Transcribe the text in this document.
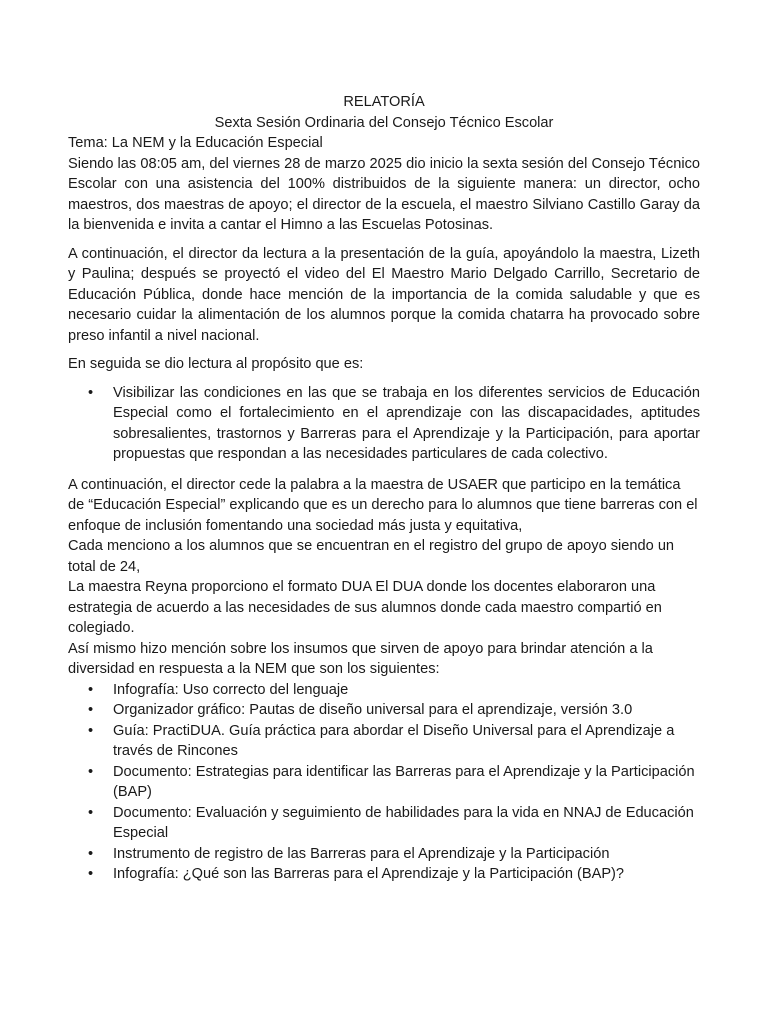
RELATORÍA

Sexta Sesión Ordinaria del Consejo Técnico Escolar

Tema: La NEM y la Educación Especial

Siendo las 08:05 am, del viernes 28 de marzo 2025 dio inicio la sexta sesión del Consejo Técnico Escolar con una asistencia del 100% distribuidos de la siguiente manera: un director, ocho maestros, dos maestras de apoyo; el director de la escuela, el maestro Silviano Castillo Garay da la bienvenida e invita a cantar el Himno a las Escuelas Potosinas.

A continuación, el director da lectura a la presentación de la guía, apoyándolo la maestra, Lizeth y Paulina; después se proyectó el video del El Maestro Mario Delgado Carrillo, Secretario de Educación Pública, donde hace mención de la importancia de la comida saludable y que es necesario cuidar la alimentación de los alumnos porque la comida chatarra ha provocado sobre preso infantil a nivel nacional.

En seguida se dio lectura al propósito que es:

• Visibilizar las condiciones en las que se trabaja en los diferentes servicios de Educación Especial como el fortalecimiento en el aprendizaje con las discapacidades, aptitudes sobresalientes, trastornos y Barreras para el Aprendizaje y la Participación, para aportar propuestas que respondan a las necesidades particulares de cada colectivo.

A continuación, el director cede la palabra a la maestra de USAER que participo en la temática de “Educación Especial” explicando que es un derecho para lo alumnos que tiene barreras con el enfoque de inclusión fomentando una sociedad más justa y equitativa,

Cada menciono a los alumnos que se encuentran en el registro del grupo de apoyo siendo un total de 24,

La maestra Reyna proporciono el formato DUA El DUA donde los docentes elaboraron una estrategia de acuerdo a las necesidades de sus alumnos donde cada maestro compartió en colegiado.

Así mismo hizo mención sobre los insumos que sirven de apoyo para brindar atención a la diversidad en respuesta a la NEM que son los siguientes:

• Infografía: Uso correcto del lenguaje
• Organizador gráfico: Pautas de diseño universal para el aprendizaje, versión 3.0
• Guía: PractiDUA. Guía práctica para abordar el Diseño Universal para el Aprendizaje a través de Rincones
• Documento: Estrategias para identificar las Barreras para el Aprendizaje y la Participación (BAP)
• Documento: Evaluación y seguimiento de habilidades para la vida en NNAJ de Educación Especial
• Instrumento de registro de las Barreras para el Aprendizaje y la Participación
• Infografía: ¿Qué son las Barreras para el Aprendizaje y la Participación (BAP)?
